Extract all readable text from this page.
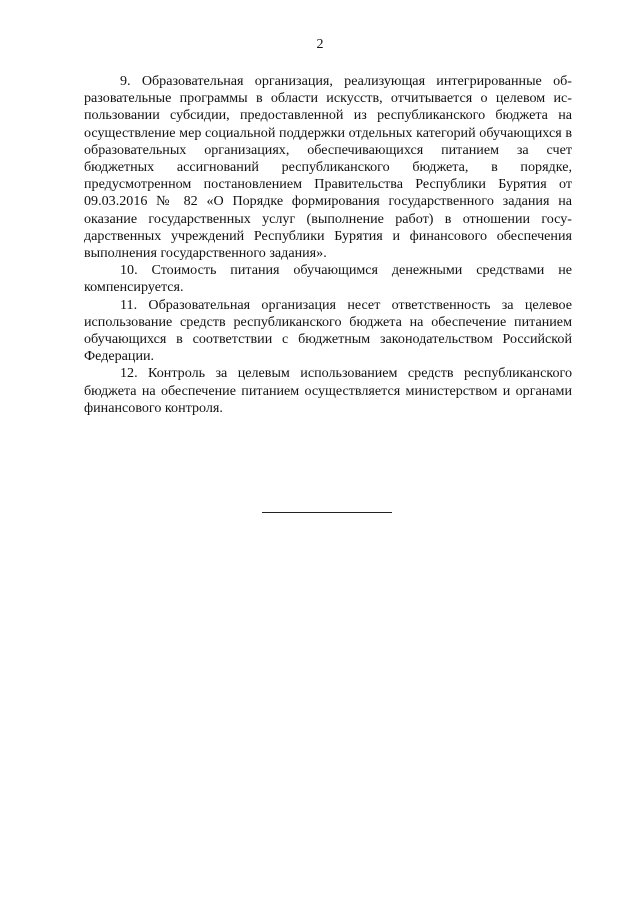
2

9. Образовательная организация, реализующая интегрированные образовательные программы в области искусств, отчитывается о целевом использовании субсидии, предоставленной из республиканского бюджета на осуществление мер социальной поддержки отдельных категорий обучающихся в образовательных организациях, обеспечивающихся питанием за счет бюджетных ассигнований республиканского бюджета, в порядке, предусмотренном постановлением Правительства Республики Бурятия от 09.03.2016 № 82 «О Порядке формирования государственного задания на оказание государственных услуг (выполнение работ) в отношении государственных учреждений Республики Бурятия и финансового обеспечения выполнения государственного задания».

10. Стоимость питания обучающимся денежными средствами не компенсируется.

11. Образовательная организация несет ответственность за целевое использование средств республиканского бюджета на обеспечение питанием обучающихся в соответствии с бюджетным законодательством Российской Федерации.

12. Контроль за целевым использованием средств республиканского бюджета на обеспечение питанием осуществляется министерством и органами финансового контроля.
